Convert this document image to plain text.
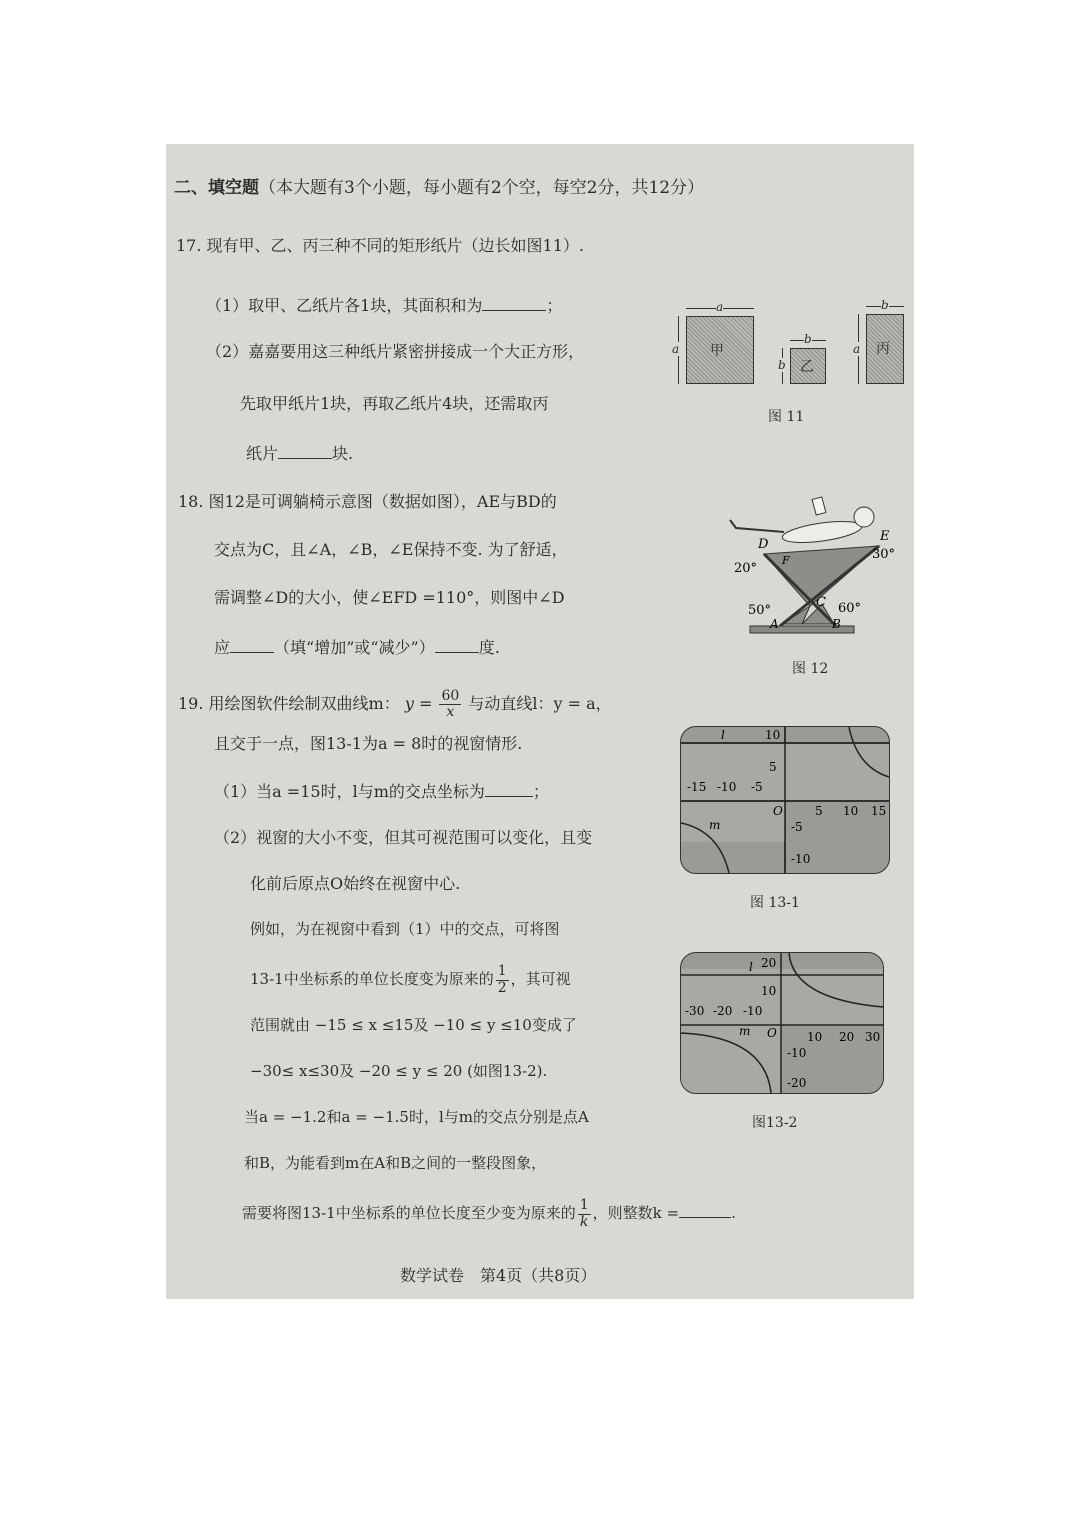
二、填空题（本大题有3个小题，每小题有2个空，每空2分，共12分）
17. 现有甲、乙、丙三种不同的矩形纸片（边长如图11）.
（1）取甲、乙纸片各1块，其面积和为	；
（2）嘉嘉要用这三种纸片紧密拼接成一个大正方形，
先取甲纸片1块，再取乙纸片4块，还需取丙
纸片	块.
a
a 甲
b
b 乙
b
a 丙
图 11
18. 图12是可调躺椅示意图（数据如图），AE与BD的
交点为C，且∠A，∠B，∠E保持不变. 为了舒适，
需调整∠D的大小，使∠EFD =110°，则图中∠D
应	（填“增加”或“减少”）	度.
D
E
F
C
A	B
20°
30°
50°	60°
图 12
19. 用绘图软件绘制双曲线m： $y = \frac{60}{x}$ 与动直线l：y = a，
且交于一点，图13-1为a = 8时的视窗情形.
（1）当a =15时，l与m的交点坐标为	；
（2）视窗的大小不变，但其可视范围可以变化，且变
化前后原点O始终在视窗中心.
例如，为在视窗中看到（1）中的交点，可将图
13-1中坐标系的单位长度变为原来的 $\frac{1}{2}$ ，其可视
范围就由 −15 ≤ x ≤15及 −10 ≤ y ≤10变成了
−30≤ x≤30及 −20 ≤ y ≤ 20 (如图13-2).
当a = −1.2和a = −1.5时，l与m的交点分别是点A
和B，为能看到m在A和B之间的一整段图象，
需要将图13-1中坐标系的单位长度至少变为原来的 $\frac{1}{k}$ ，则整数k =	.
l
m
O
-15 -10 -5
5 10 15
10
5
-5
-10
图 13-1
l
m O
-30 -20 -10
10 20 30
20
10
-10
-20
图13-2
数学试卷　第4页（共8页）
